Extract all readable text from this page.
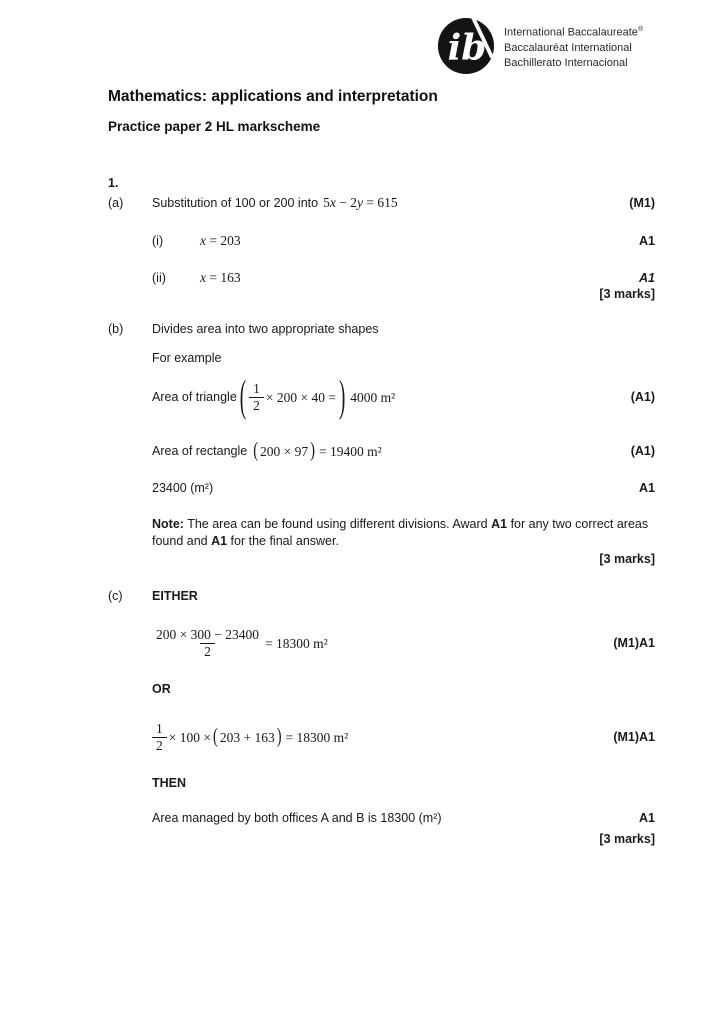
ib International Baccalaureate®
Baccalauréat International
Bachillerato Internacional
Mathematics: applications and interpretation
Practice paper 2 HL markscheme
1.
(a)	Substitution of 100 or 200 into 5x − 2y = 615	(M1)
(i)	x = 203	A1
(ii)	x = 163	A1
[3 marks]
(b)	Divides area into two appropriate shapes
For example
Area of triangle ( $\frac{1}{2} \times 200 \times 40$ = ) 4000 m²	(A1)
Area of rectangle ( 200 × 97 ) = 19400 m²	(A1)
23400 (m²)	A1
Note: The area can be found using different divisions. Award A1 for any two correct areas found and A1 for the final answer.
[3 marks]
(c)	EITHER
$\frac{200 \times 300 - 23400}{2} = 18300$ m²	(M1)A1
OR
$\frac{1}{2} \times 100$ × ( 203 + 163 ) = 18300 m²	(M1)A1
THEN
Area managed by both offices A and B is 18300 (m²)	A1
[3 marks]
